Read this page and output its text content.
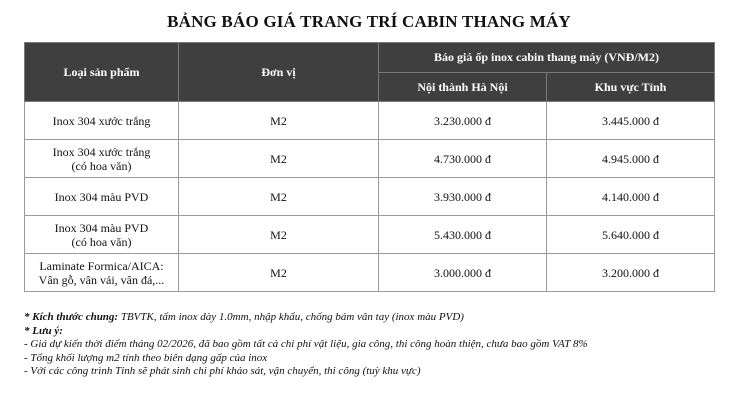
BẢNG BÁO GIÁ TRANG TRÍ CABIN THANG MÁY
Loại sản phẩm	Đơn vị	Báo giá ốp inox cabin thang máy (VNĐ/M2)	
		Nội thành Hà Nội	Khu vực Tỉnh

Inox 304 xước trắng	M2	3.230.000 đ	3.445.000 đ

Inox 304 xước trắng
(có hoa văn)	M2	4.730.000 đ	4.945.000 đ

Inox 304 màu PVD	M2	3.930.000 đ	4.140.000 đ

Inox 304 màu PVD
(có hoa văn)	M2	5.430.000 đ	5.640.000 đ

Laminate Formica/AICA:
Vân gỗ, vân vải, vân đá,...	M2	3.000.000 đ	3.200.000 đ
* Kích thước chung: TBVTK, tấm inox dày 1.0mm, nhập khẩu, chống bám vân tay (inox màu PVD)
* Lưu ý:
- Giá dự kiến thời điểm tháng 02/2026, đã bao gồm tất cả chi phí vật liệu, gia công, thi công hoàn thiện, chưa bao gồm VAT 8%
- Tổng khối lượng m2 tính theo biên dạng gấp của inox
- Với các công trình Tỉnh sẽ phát sinh chi phí khảo sát, vận chuyển, thi công (tuỳ khu vực)
